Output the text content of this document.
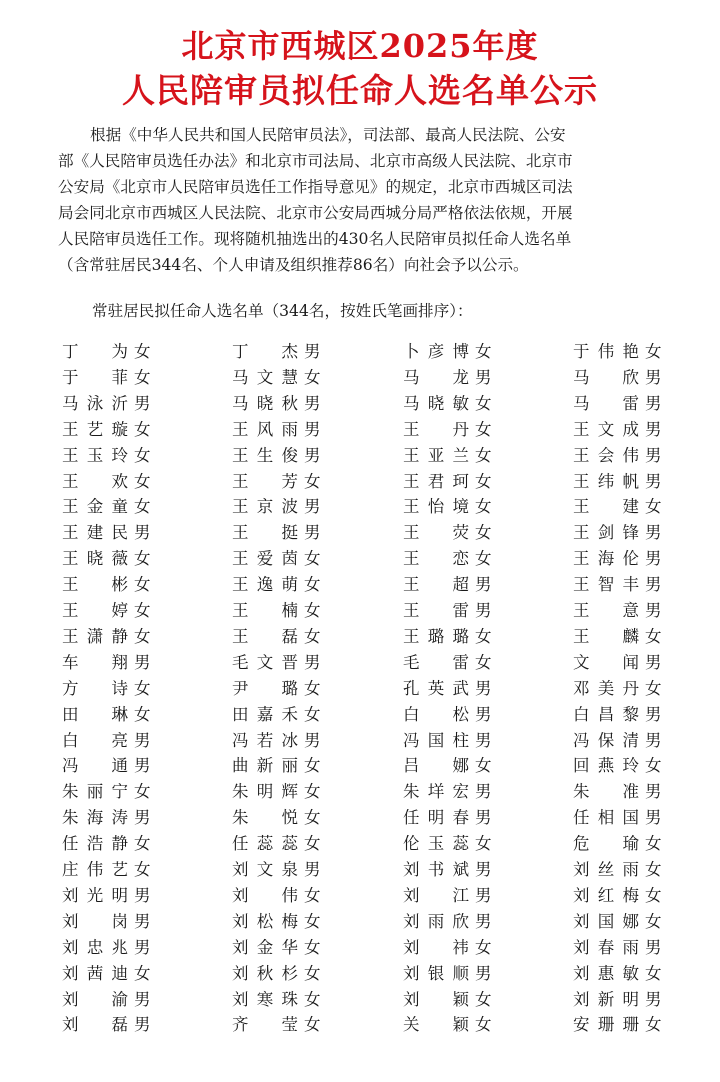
北京市西城区2025年度
人民陪审员拟任命人选名单公示
根据《中华人民共和国人民陪审员法》，司法部、最高人民法院、公安
部《人民陪审员选任办法》和北京市司法局、北京市高级人民法院、北京市
公安局《北京市人民陪审员选任工作指导意见》的规定，北京市西城区司法
局会同北京市西城区人民法院、北京市公安局西城分局严格依法依规，开展
人民陪审员选任工作。现将随机抽选出的430名人民陪审员拟任命人选名单
（含常驻居民344名、个人申请及组织推荐86名）向社会予以公示。
常驻居民拟任命人选名单（344名，按姓氏笔画排序）：
丁 为 女	丁 杰 男	卜彦博 女	于伟艳 女
于 菲 女	马文慧 女	马 龙 男	马 欣 男
马泳沂 男	马晓秋 男	马晓敏 女	马 雷 男
王艺璇 女	王风雨 男	王 丹 女	王文成 男
王玉玲 女	王生俊 男	王亚兰 女	王会伟 男
王 欢 女	王 芳 女	王君珂 女	王纬帆 男
王金童 女	王京波 男	王怡境 女	王 建 女
王建民 男	王 挺 男	王 荧 女	王剑锋 男
王晓薇 女	王爱茵 女	王 恋 女	王海伦 男
王 彬 女	王逸萌 女	王 超 男	王智丰 男
王 婷 女	王 楠 女	王 雷 男	王 意 男
王潇静 女	王 磊 女	王璐璐 女	王 麟 女
车 翔 男	毛文晋 男	毛 雷 女	文 闻 男
方 诗 女	尹 璐 女	孔英武 男	邓美丹 女
田 琳 女	田嘉禾 女	白 松 男	白昌黎 男
白 亮 男	冯若冰 男	冯国柱 男	冯保清 男
冯 通 男	曲新丽 女	吕 娜 女	回燕玲 女
朱丽宁 女	朱明辉 女	朱垟宏 男	朱 准 男
朱海涛 男	朱 悦 女	任明春 男	任相国 男
任浩静 女	任蕊蕊 女	伦玉蕊 女	危 瑜 女
庄伟艺 女	刘文泉 男	刘书斌 男	刘丝雨 女
刘光明 男	刘 伟 女	刘 江 男	刘红梅 女
刘 岗 男	刘松梅 女	刘雨欣 男	刘国娜 女
刘忠兆 男	刘金华 女	刘 祎 女	刘春雨 男
刘茜迪 女	刘秋杉 女	刘银顺 男	刘惠敏 女
刘 渝 男	刘寒珠 女	刘 颖 女	刘新明 男
刘 磊 男	齐 莹 女	关 颖 女	安珊珊 女
